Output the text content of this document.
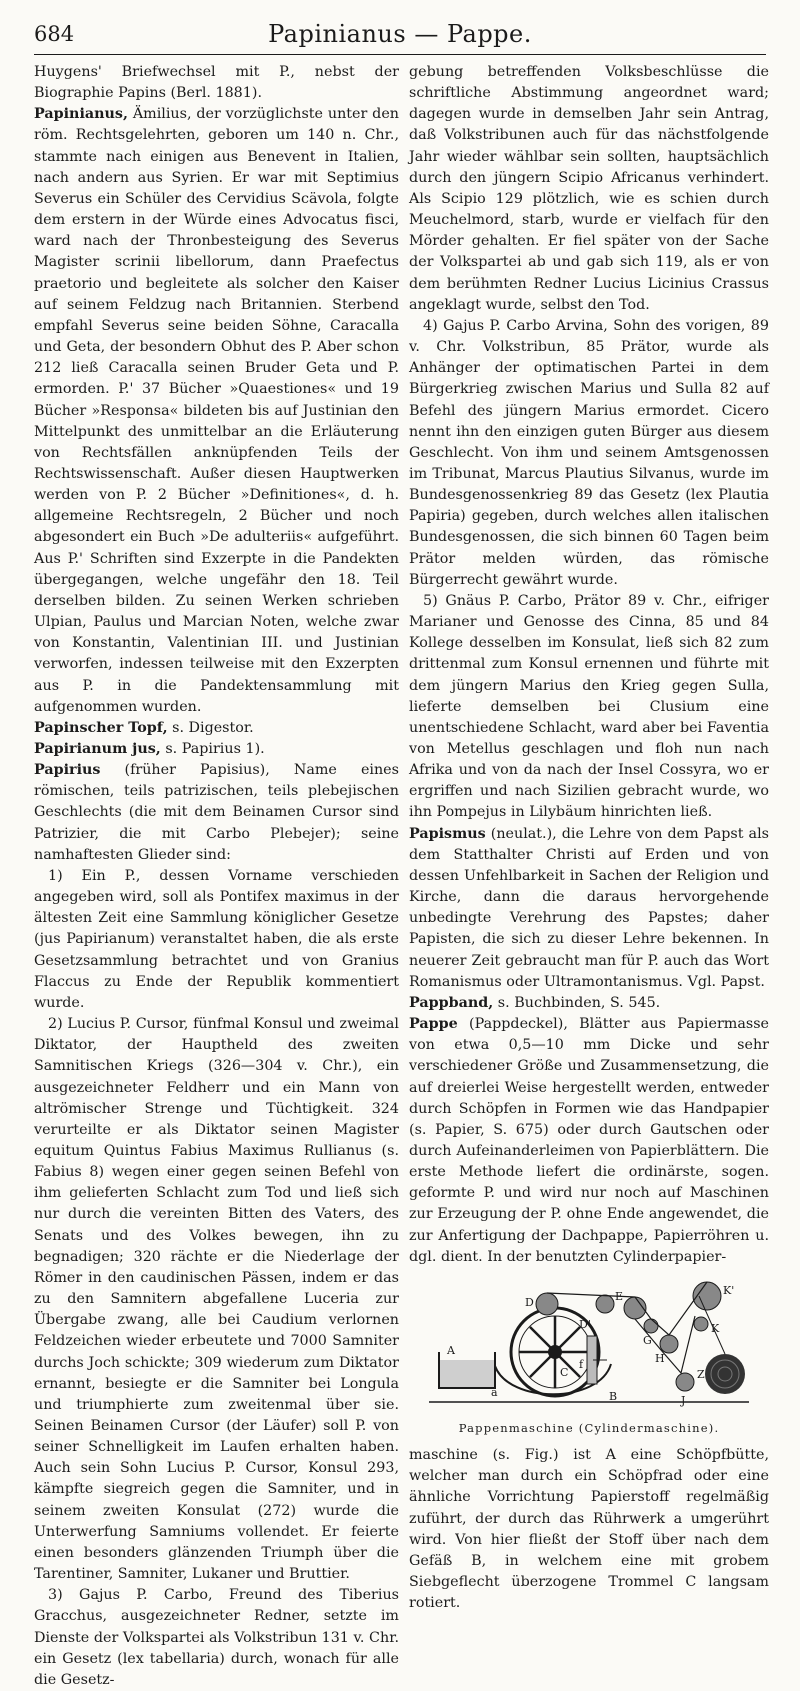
684	Papinianus — Pappe.

Huygens' Briefwechsel mit P., nebst der Biographie Papins (Berl. 1881).

Papinianus, Ämilius, der vorzüglichste unter den röm. Rechtsgelehrten, geboren um 140 n. Chr., stammte nach einigen aus Benevent in Italien, nach andern aus Syrien. Er war mit Septimius Severus ein Schüler des Cervidius Scävola, folgte dem erstern in der Würde eines Advocatus fisci, ward nach der Thronbesteigung des Severus Magister scrinii libellorum, dann Praefectus praetorio und begleitete als solcher den Kaiser auf seinem Feldzug nach Britannien. Sterbend empfahl Severus seine beiden Söhne, Caracalla und Geta, der besondern Obhut des P. Aber schon 212 ließ Caracalla seinen Bruder Geta und P. ermorden. P.' 37 Bücher »Quaestiones« und 19 Bücher »Responsa« bildeten bis auf Justinian den Mittelpunkt des unmittelbar an die Erläuterung von Rechtsfällen anknüpfenden Teils der Rechtswissenschaft. Außer diesen Hauptwerken werden von P. 2 Bücher »Definitiones«, d. h. allgemeine Rechtsregeln, 2 Bücher und noch abgesondert ein Buch »De adulteriis« aufgeführt. Aus P.' Schriften sind Exzerpte in die Pandekten übergegangen, welche ungefähr den 18. Teil derselben bilden. Zu seinen Werken schrieben Ulpian, Paulus und Marcian Noten, welche zwar von Konstantin, Valentinian III. und Justinian verworfen, indessen teilweise mit den Exzerpten aus P. in die Pandektensammlung mit aufgenommen wurden.

Papinscher Topf, s. Digestor.

Papirianum jus, s. Papirius 1).

Papirius (früher Papisius), Name eines römischen, teils patrizischen, teils plebejischen Geschlechts (die mit dem Beinamen Cursor sind Patrizier, die mit Carbo Plebejer); seine namhaftesten Glieder sind:

1) Ein P., dessen Vorname verschieden angegeben wird, soll als Pontifex maximus in der ältesten Zeit eine Sammlung königlicher Gesetze (jus Papirianum) veranstaltet haben, die als erste Gesetzsammlung betrachtet und von Granius Flaccus zu Ende der Republik kommentiert wurde.

2) Lucius P. Cursor, fünfmal Konsul und zweimal Diktator, der Hauptheld des zweiten Samnitischen Kriegs (326—304 v. Chr.), ein ausgezeichneter Feldherr und ein Mann von altrömischer Strenge und Tüchtigkeit. 324 verurteilte er als Diktator seinen Magister equitum Quintus Fabius Maximus Rullianus (s. Fabius 8) wegen einer gegen seinen Befehl von ihm gelieferten Schlacht zum Tod und ließ sich nur durch die vereinten Bitten des Vaters, des Senats und des Volkes bewegen, ihn zu begnadigen; 320 rächte er die Niederlage der Römer in den caudinischen Pässen, indem er das zu den Samnitern abgefallene Luceria zur Übergabe zwang, alle bei Caudium verlornen Feldzeichen wieder erbeutete und 7000 Samniter durchs Joch schickte; 309 wiederum zum Diktator ernannt, besiegte er die Samniter bei Longula und triumphierte zum zweitenmal über sie. Seinen Beinamen Cursor (der Läufer) soll P. von seiner Schnelligkeit im Laufen erhalten haben. Auch sein Sohn Lucius P. Cursor, Konsul 293, kämpfte siegreich gegen die Samniter, und in seinem zweiten Konsulat (272) wurde die Unterwerfung Samniums vollendet. Er feierte einen besonders glänzenden Triumph über die Tarentiner, Samniter, Lukaner und Bruttier.

3) Gajus P. Carbo, Freund des Tiberius Gracchus, ausgezeichneter Redner, setzte im Dienste der Volkspartei als Volkstribun 131 v. Chr. ein Gesetz (lex tabellaria) durch, wonach für alle die Gesetz-

gebung betreffenden Volksbeschlüsse die schriftliche Abstimmung angeordnet ward; dagegen wurde in demselben Jahr sein Antrag, daß Volkstribunen auch für das nächstfolgende Jahr wieder wählbar sein sollten, hauptsächlich durch den jüngern Scipio Africanus verhindert. Als Scipio 129 plötzlich, wie es schien durch Meuchelmord, starb, wurde er vielfach für den Mörder gehalten. Er fiel später von der Sache der Volkspartei ab und gab sich 119, als er von dem berühmten Redner Lucius Licinius Crassus angeklagt wurde, selbst den Tod.

4) Gajus P. Carbo Arvina, Sohn des vorigen, 89 v. Chr. Volkstribun, 85 Prätor, wurde als Anhänger der optimatischen Partei in dem Bürgerkrieg zwischen Marius und Sulla 82 auf Befehl des jüngern Marius ermordet. Cicero nennt ihn den einzigen guten Bürger aus diesem Geschlecht. Von ihm und seinem Amtsgenossen im Tribunat, Marcus Plautius Silvanus, wurde im Bundesgenossenkrieg 89 das Gesetz (lex Plautia Papiria) gegeben, durch welches allen italischen Bundesgenossen, die sich binnen 60 Tagen beim Prätor melden würden, das römische Bürgerrecht gewährt wurde.

5) Gnäus P. Carbo, Prätor 89 v. Chr., eifriger Marianer und Genosse des Cinna, 85 und 84 Kollege desselben im Konsulat, ließ sich 82 zum drittenmal zum Konsul ernennen und führte mit dem jüngern Marius den Krieg gegen Sulla, lieferte demselben bei Clusium eine unentschiedene Schlacht, ward aber bei Faventia von Metellus geschlagen und floh nun nach Afrika und von da nach der Insel Cossyra, wo er ergriffen und nach Sizilien gebracht wurde, wo ihn Pompejus in Lilybäum hinrichten ließ.

Papismus (neulat.), die Lehre von dem Papst als dem Statthalter Christi auf Erden und von dessen Unfehlbarkeit in Sachen der Religion und Kirche, dann die daraus hervorgehende unbedingte Verehrung des Papstes; daher Papisten, die sich zu dieser Lehre bekennen. In neuerer Zeit gebraucht man für P. auch das Wort Romanismus oder Ultramontanismus. Vgl. Papst.

Pappband, s. Buchbinden, S. 545.

Pappe (Pappdeckel), Blätter aus Papiermasse von etwa 0,5—10 mm Dicke und sehr verschiedener Größe und Zusammensetzung, die auf dreierlei Weise hergestellt werden, entweder durch Schöpfen in Formen wie das Handpapier (s. Papier, S. 675) oder durch Gautschen oder durch Aufeinanderleimen von Papierblättern. Die erste Methode liefert die ordinärste, sogen. geformte P. und wird nur noch auf Maschinen zur Erzeugung der P. ohne Ende angewendet, die zur Anfertigung der Dachpappe, Papierröhren u. dgl. dient. In der benutzten Cylinderpapier-

A
a	B
C
D
D'
E
f
G
H
J
K
K'
Z
Pappenmaschine (Cylindermaschine).

maschine (s. Fig.) ist A eine Schöpfbütte, welcher man durch ein Schöpfrad oder eine ähnliche Vorrichtung Papierstoff regelmäßig zuführt, der durch das Rührwerk a umgerührt wird. Von hier fließt der Stoff über nach dem Gefäß B, in welchem eine mit grobem Siebgeflecht überzogene Trommel C langsam rotiert.
